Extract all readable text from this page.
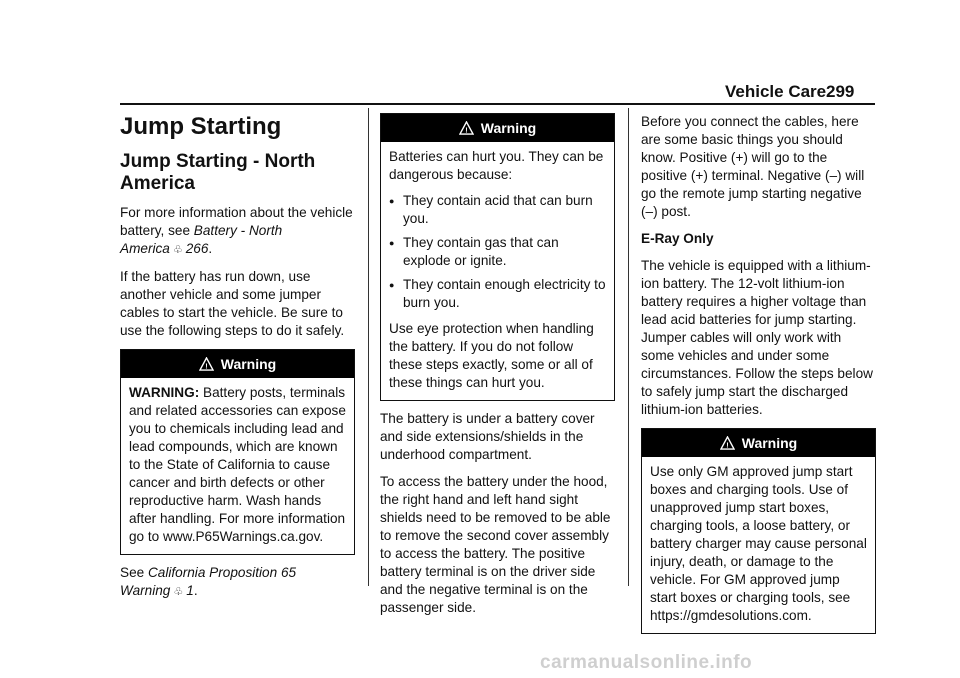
Vehicle Care 299
Jump Starting
Jump Starting - North America

For more information about the vehicle battery, see Battery - North America ♧ 266.

If the battery has run down, use another vehicle and some jumper cables to start the vehicle. Be sure to use the following steps to do it safely.

! Warning

WARNING: Battery posts, terminals and related accessories can expose you to chemicals including lead and lead compounds, which are known to the State of California to cause cancer and birth defects or other reproductive harm. Wash hands after handling. For more information go to www.P65Warnings.ca.gov.

See California Proposition 65 Warning ♧ 1.

! Warning

Batteries can hurt you. They can be dangerous because:

● They contain acid that can burn you.
● They contain gas that can explode or ignite.
● They contain enough electricity to burn you.

Use eye protection when handling the battery. If you do not follow these steps exactly, some or all of these things can hurt you.

The battery is under a battery cover and side extensions/shields in the underhood compartment.

To access the battery under the hood, the right hand and left hand sight shields need to be removed to be able to remove the second cover assembly to access the battery. The positive battery terminal is on the driver side and the negative terminal is on the passenger side.

Before you connect the cables, here are some basic things you should know. Positive (+) will go to the positive (+) terminal. Negative (–) will go the remote jump starting negative (–) post.

E-Ray Only

The vehicle is equipped with a lithium-ion battery. The 12-volt lithium-ion battery requires a higher voltage than lead acid batteries for jump starting. Jumper cables will only work with some vehicles and under some circumstances. Follow the steps below to safely jump start the discharged lithium-ion batteries.

! Warning

Use only GM approved jump start boxes and charging tools. Use of unapproved jump start boxes, charging tools, a loose battery, or battery charger may cause personal injury, death, or damage to the vehicle. For GM approved jump start boxes or charging tools, see https://gmdesolutions.com.

carmanualsonline.info
